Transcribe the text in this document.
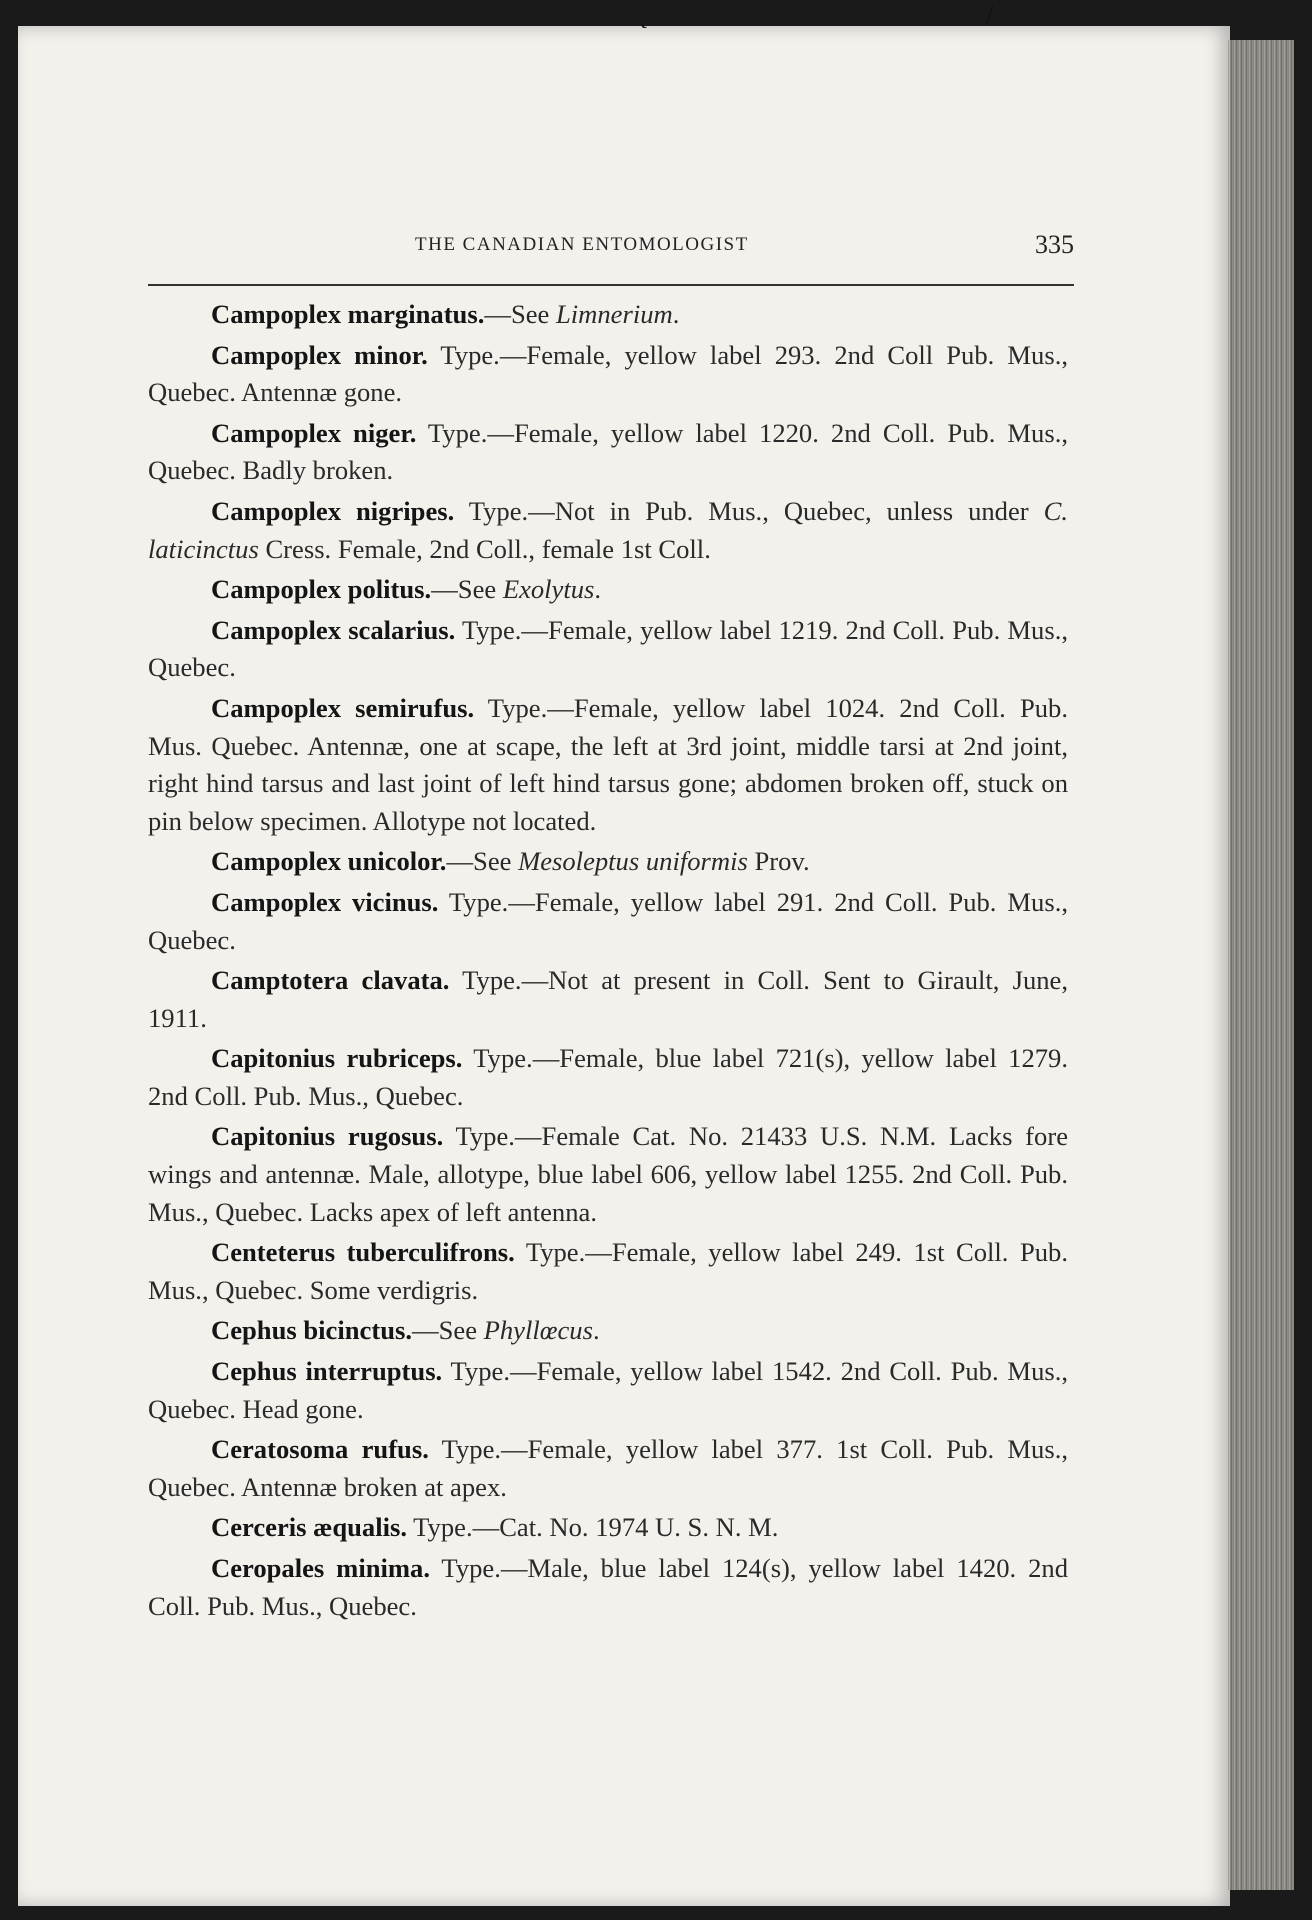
˛	/
THE CANADIAN ENTOMOLOGIST	335

Campoplex marginatus.—See Limnerium.

Campoplex minor. Type.—Female, yellow label 293. 2nd Coll Pub. Mus., Quebec. Antennæ gone.

Campoplex niger. Type.—Female, yellow label 1220. 2nd Coll. Pub. Mus., Quebec. Badly broken.

Campoplex nigripes. Type.—Not in Pub. Mus., Quebec, unless under C. laticinctus Cress. Female, 2nd Coll., female 1st Coll.

Campoplex politus.—See Exolytus.

Campoplex scalarius. Type.—Female, yellow label 1219. 2nd Coll. Pub. Mus., Quebec.

Campoplex semirufus. Type.—Female, yellow label 1024. 2nd Coll. Pub. Mus. Quebec. Antennæ, one at scape, the left at 3rd joint, middle tarsi at 2nd joint, right hind tarsus and last joint of left hind tarsus gone; abdomen broken off, stuck on pin below specimen. Allotype not located.

Campoplex unicolor.—See Mesoleptus uniformis Prov.

Campoplex vicinus. Type.—Female, yellow label 291. 2nd Coll. Pub. Mus., Quebec.

Camptotera clavata. Type.—Not at present in Coll. Sent to Girault, June, 1911.

Capitonius rubriceps. Type.—Female, blue label 721(s), yellow label 1279. 2nd Coll. Pub. Mus., Quebec.

Capitonius rugosus. Type.—Female Cat. No. 21433 U.S. N.M. Lacks fore wings and antennæ. Male, allotype, blue label 606, yellow label 1255. 2nd Coll. Pub. Mus., Quebec. Lacks apex of left antenna.

Centeterus tuberculifrons. Type.—Female, yellow label 249. 1st Coll. Pub. Mus., Quebec. Some verdigris.

Cephus bicinctus.—See Phyllœcus.

Cephus interruptus. Type.—Female, yellow label 1542. 2nd Coll. Pub. Mus., Quebec. Head gone.

Ceratosoma rufus. Type.—Female, yellow label 377. 1st Coll. Pub. Mus., Quebec. Antennæ broken at apex.

Cerceris æqualis. Type.—Cat. No. 1974 U. S. N. M.

Ceropales minima. Type.—Male, blue label 124(s), yellow label 1420. 2nd Coll. Pub. Mus., Quebec.
